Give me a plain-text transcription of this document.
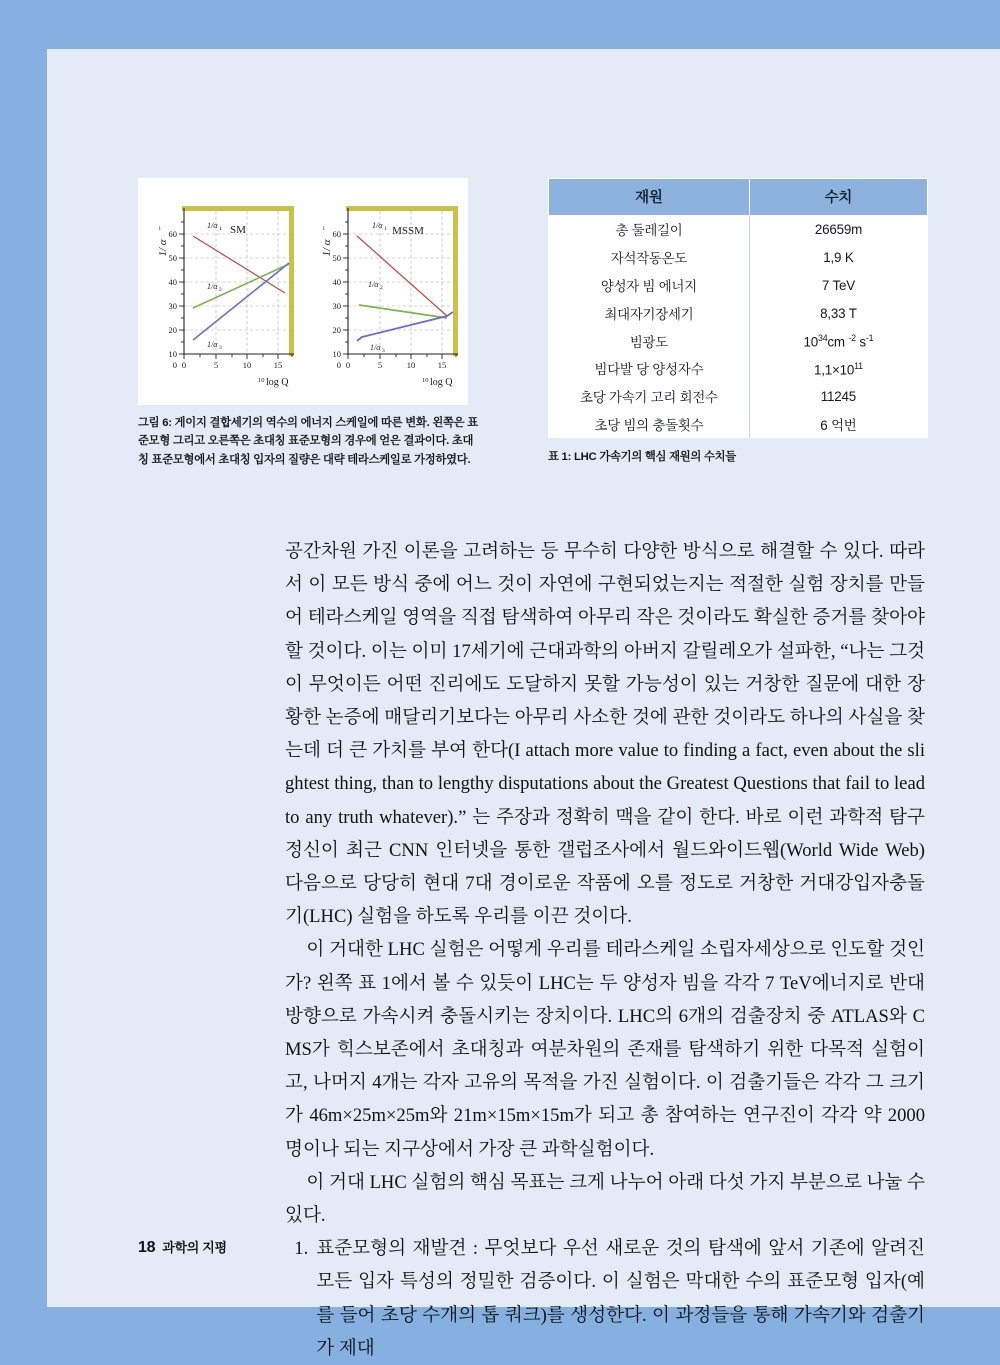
60
50
40
30
20
10
0 0	5	10	15
1/ α
i
10 log Q
SM
1/α 1
1/α 2
1/α 3
60
50
40
30
20
10
0 0	5	10	15
1/ α
i
10 log Q
MSSM
1/α 1
1/α 2
1/α 3
그림 6: 게이지 결합세기의 역수의 에너지 스케일에 따른 변화. 왼쪽은 표준모형 그리고 오른쪽은 초대칭 표준모형의 경우에 얻은 결과이다. 초대칭 표준모형에서 초대칭 입자의 질량은 대략 테라스케일로 가정하였다.
재원	수치
총 둘레길이	26659m
자석작동온도	1,9 K
양성자 빔 에너지	7 TeV
최대자기장세기	8,33 T
빔광도	$10^{34}cm$ $^{-2}$ $s^{-1}$
빔다발 당 양성자수	$1,1\times 10^{11}$
초당 가속기 고리 회전수	11245
초당 빔의 충돌횟수	6 억번
표 1: LHC 가속기의 핵심 재원의 수치들

공간차원 가진 이론을 고려하는 등 무수히 다양한 방식으로 해결할 수 있다. 따라서 이 모든 방식 중에 어느 것이 자연에 구현되었는지는 적절한 실험 장치를 만들어 테라스케일 영역을 직접 탐색하여 아무리 작은 것이라도 확실한 증거를 찾아야 할 것이다. 이는 이미 17세기에 근대과학의 아버지 갈릴레오가 설파한, “나는 그것이 무엇이든 어떤 진리에도 도달하지 못할 가능성이 있는 거창한 질문에 대한 장황한 논증에 매달리기보다는 아무리 사소한 것에 관한 것이라도 하나의 사실을 찾는데 더 큰 가치를 부여 한다(I attach more value to finding a fact, even about the slightest thing, than to lengthy disputations about the Greatest Questions that fail to lead to any truth whatever).” 는 주장과 정확히 맥을 같이 한다. 바로 이런 과학적 탐구정신이 최근 CNN 인터넷을 통한 갤럽조사에서 월드와이드웹(World Wide Web) 다음으로 당당히 현대 7대 경이로운 작품에 오를 정도로 거창한 거대강입자충돌기(LHC) 실험을 하도록 우리를 이끈 것이다.

이 거대한 LHC 실험은 어떻게 우리를 테라스케일 소립자세상으로 인도할 것인가? 왼쪽 표 1에서 볼 수 있듯이 LHC는 두 양성자 빔을 각각 7 TeV에너지로 반대방향으로 가속시켜 충돌시키는 장치이다. LHC의 6개의 검출장치 중 ATLAS와 CMS가 힉스보존에서 초대칭과 여분차원의 존재를 탐색하기 위한 다목적 실험이고, 나머지 4개는 각자 고유의 목적을 가진 실험이다. 이 검출기들은 각각 그 크기가 46m×25m×25m와 21m×15m×15m가 되고 총 참여하는 연구진이 각각 약 2000명이나 되는 지구상에서 가장 큰 과학실험이다.

이 거대 LHC 실험의 핵심 목표는 크게 나누어 아래 다섯 가지 부분으로 나눌 수 있다.

1. 표준모형의 재발견 : 무엇보다 우선 새로운 것의 탐색에 앞서 기존에 알려진 모든 입자 특성의 정밀한 검증이다. 이 실험은 막대한 수의 표준모형 입자(예를 들어 초당 수개의 톱 쿼크)를 생성한다. 이 과정들을 통해 가속기와 검출기가 제대
18 과학의 지평
